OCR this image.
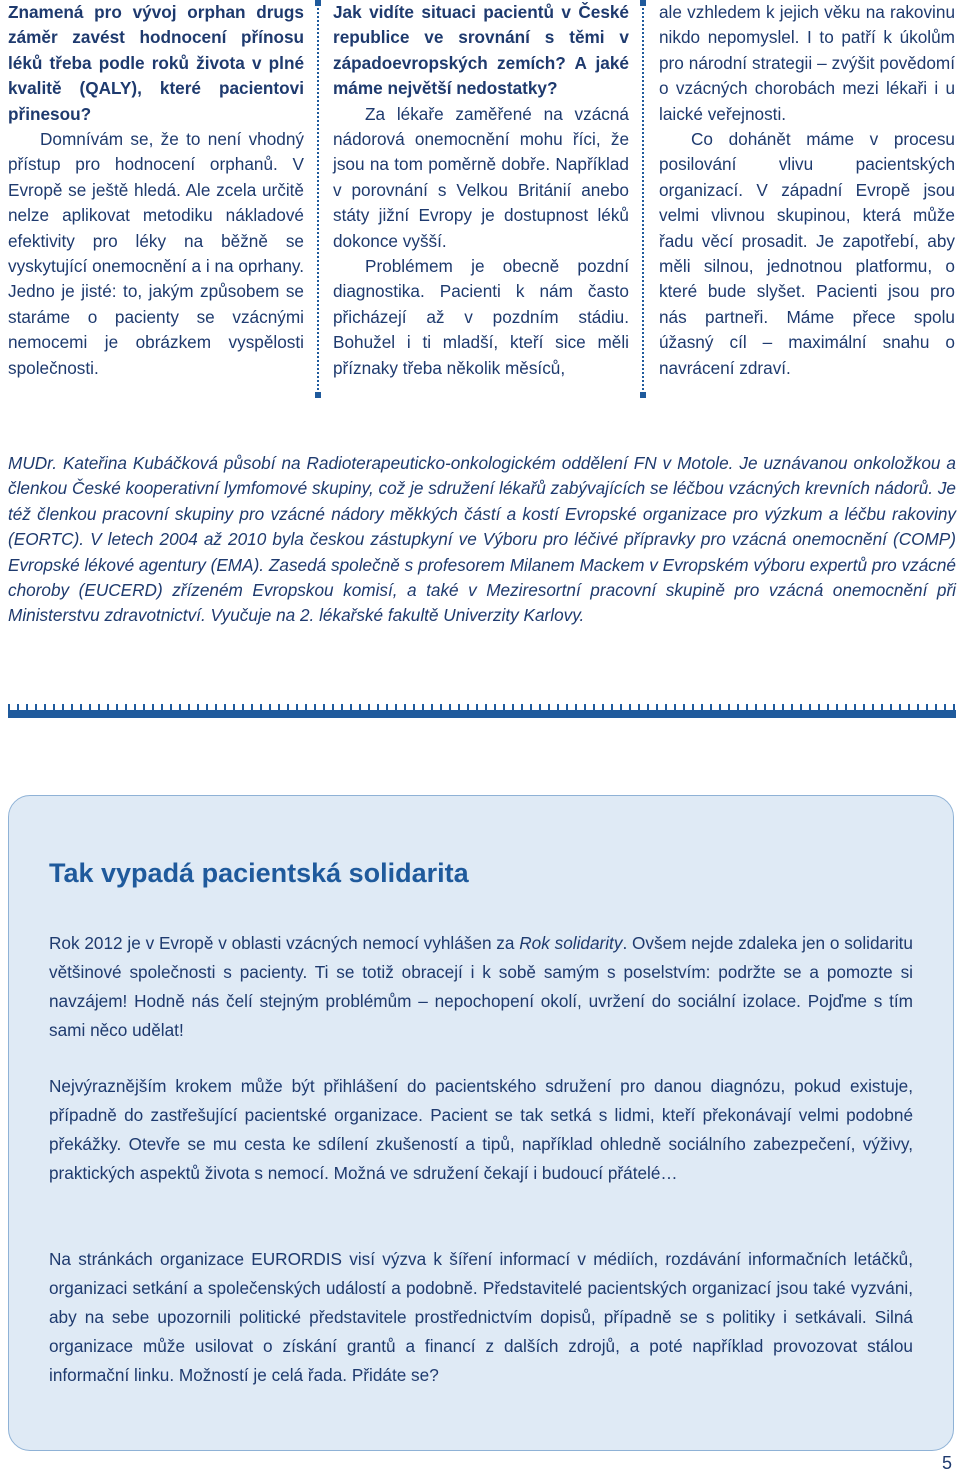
Znamená pro vývoj orphan drugs záměr zavést hodnocení přínosu léků třeba podle roků života v plné kvalitě (QALY), které pacientovi přinesou?

Domnívám se, že to není vhodný přístup pro hodnocení orphanů. V Evropě se ještě hledá. Ale zcela určitě nelze aplikovat metodiku nákladové efektivity pro léky na běžně se vyskytující onemocnění a i na oprhany. Jedno je jisté: to, jakým způsobem se staráme o pacienty se vzácnými nemocemi je obrázkem vyspělosti společnosti.

Jak vidíte situaci pacientů v České republice ve srovnání s těmi v západoevropských zemích? A jaké máme největší nedostatky?

Za lékaře zaměřené na vzácná nádorová onemocnění mohu říci, že jsou na tom poměrně dobře. Například v porovnání s Velkou Británií anebo státy jižní Evropy je dostupnost léků dokonce vyšší.

Problémem je obecně pozdní diagnostika. Pacienti k nám často přicházejí až v pozdním stádiu. Bohužel i ti mladší, kteří sice měli příznaky třeba několik měsíců,

ale vzhledem k jejich věku na rakovinu nikdo nepomyslel. I to patří k úkolům pro národní strategii – zvýšit povědomí o vzácných chorobách mezi lékaři i u laické veřejnosti.

Co dohánět máme v procesu posilování vlivu pacientských organizací. V západní Evropě jsou velmi vlivnou skupinou, která může řadu věcí prosadit. Je zapotřebí, aby měli silnou, jednotnou platformu, o které bude slyšet. Pacienti jsou pro nás partneři. Máme přece spolu úžasný cíl – maximální snahu o navrácení zdraví.

MUDr. Kateřina Kubáčková působí na Radioterapeuticko-onkologickém oddělení FN v Motole. Je uznávanou onkoložkou a členkou České kooperativní lymfomové skupiny, což je sdružení lékařů zabývajících se léčbou vzácných krevních nádorů. Je též členkou pracovní skupiny pro vzácné nádory měkkých částí a kostí Evropské organizace pro výzkum a léčbu rakoviny (EORTC). V letech 2004 až 2010 byla českou zástupkyní ve Výboru pro léčivé přípravky pro vzácná onemocnění (COMP) Evropské lékové agentury (EMA). Zasedá společně s profesorem Milanem Mackem v Evropském výboru expertů pro vzácné choroby (EUCERD) zřízeném Evropskou komisí, a také v Meziresortní pracovní skupině pro vzácná onemocnění při Ministerstvu zdravotnictví. Vyučuje na 2. lékařské fakultě Univerzity Karlovy.

Tak vypadá pacientská solidarita

Rok 2012 je v Evropě v oblasti vzácných nemocí vyhlášen za Rok solidarity. Ovšem nejde zdaleka jen o solidaritu většinové společnosti s pacienty. Ti se totiž obracejí i k sobě samým s poselstvím: podržte se a pomozte si navzájem! Hodně nás čelí stejným problémům – nepochopení okolí, uvržení do sociální izolace. Pojďme s tím sami něco udělat!

Nejvýraznějším krokem může být přihlášení do pacientského sdružení pro danou diagnózu, pokud existuje, případně do zastřešující pacientské organizace. Pacient se tak setká s lidmi, kteří překonávají velmi podobné překážky. Otevře se mu cesta ke sdílení zkušeností a tipů, například ohledně sociálního zabezpečení, výživy, praktických aspektů života s nemocí. Možná ve sdružení čekají i budoucí přátelé…

Na stránkách organizace EURORDIS visí výzva k šíření informací v médiích, rozdávání informačních letáčků, organizaci setkání a společenských událostí a podobně. Představitelé pacientských organizací jsou také vyzváni, aby na sebe upozornili politické představitele prostřednictvím dopisů, případně se s politiky i setkávali. Silná organizace může usilovat o získání grantů a financí z dalších zdrojů, a poté například provozovat stálou informační linku. Možností je celá řada. Přidáte se?

5
